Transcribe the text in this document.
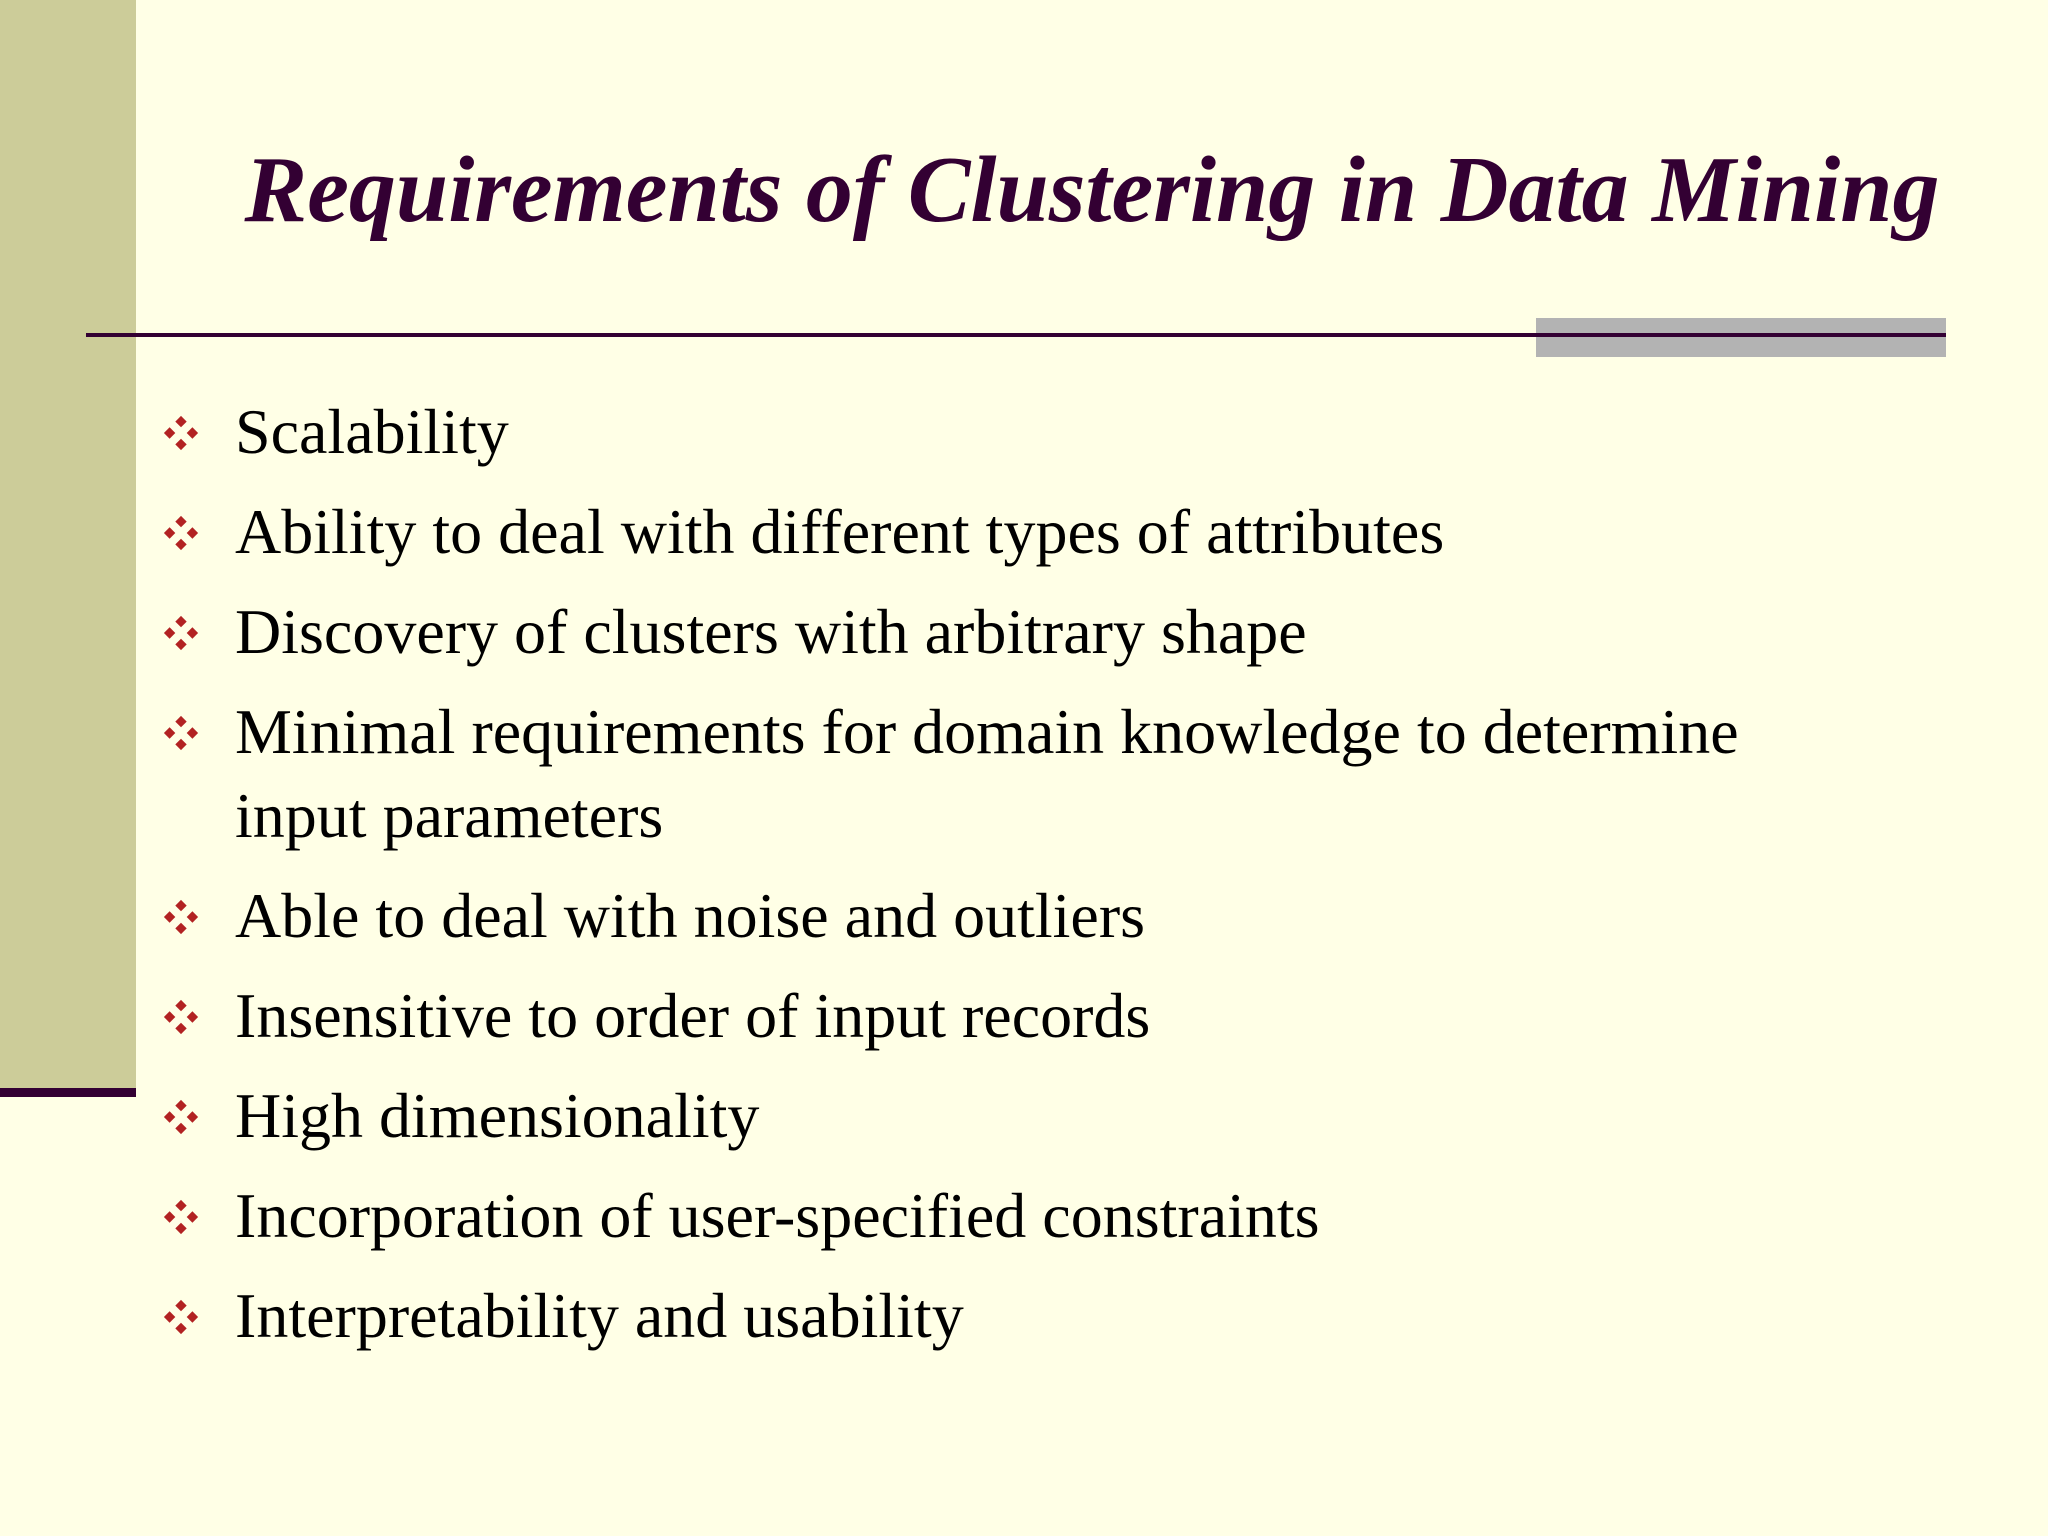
Requirements of Clustering in Data Mining
Scalability
Ability to deal with different types of attributes
Discovery of clusters with arbitrary shape
Minimal requirements for domain knowledge to determine input parameters
Able to deal with noise and outliers
Insensitive to order of input records
High dimensionality
Incorporation of user-specified constraints
Interpretability and usability
